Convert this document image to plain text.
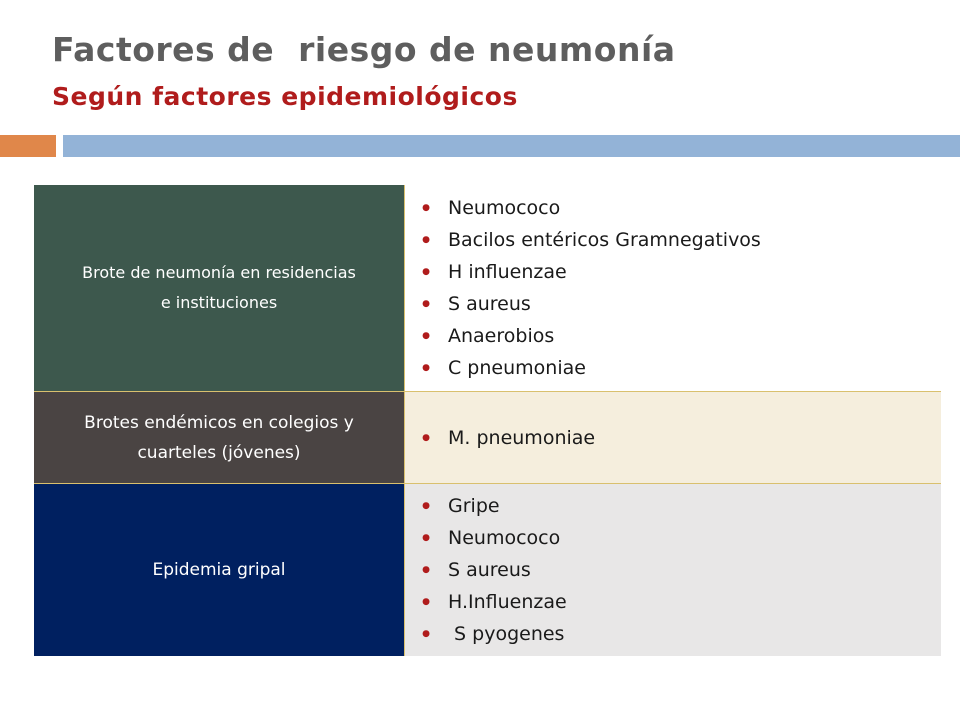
Factores de  riesgo de neumonía
Según factores epidemiológicos
Brote de neumonía en residencias
e instituciones
● Neumococo
● Bacilos entéricos Gramnegativos
● H influenzae
● S aureus
● Anaerobios
● C pneumoniae
Brotes endémicos en colegios y
cuarteles (jóvenes)
● M. pneumoniae
Epidemia gripal
● Gripe
● Neumococo
● S aureus
● H.Influenzae
● S pyogenes
